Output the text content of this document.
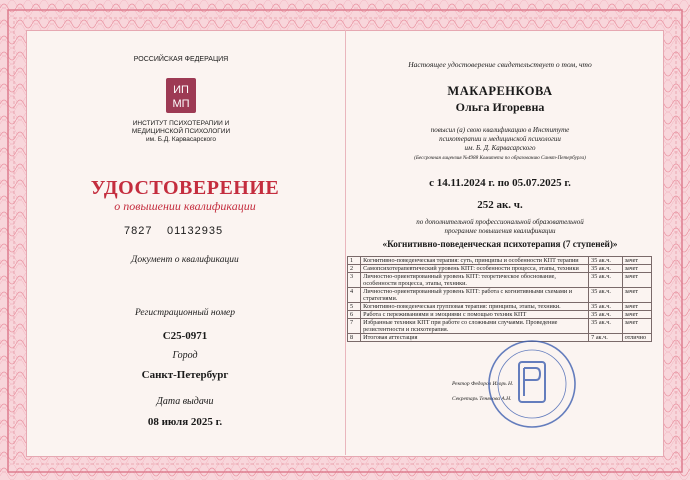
РОССИЙСКАЯ ФЕДЕРАЦИЯ
ИП
МП
ИНСТИТУТ ПСИХОТЕРАПИИ И
МЕДИЦИНСКОЙ ПСИХОЛОГИИ
им. Б.Д. Карвасарского
УДОСТОВЕРЕНИЕ
о повышении квалификации
7827 01132935
Документ о квалификации
Регистрационный номер
С25-0971
Город
Санкт-Петербург
Дата выдачи
08 июля 2025 г.
Настоящее удостоверение свидетельствует о том, что
МАКАРЕНКОВА
Ольга Игоревна
повысил (а) свою квалификацию в Институте
психотерапии и медицинской психологии
им. Б. Д. Карвасарского
(Бессрочная лицензия №4988 Комитета по образованию Санкт-Петербурга)
с 14.11.2024 г. по 05.07.2025 г.
252 ак. ч.
по дополнительной профессиональной образовательной
программе повышения квалификации
«Когнитивно-поведенческая психотерапия (7 ступеней)»
1	Когнитивно-поведенческая терапия: суть, принципы и особенности КПТ терапии	35 ак.ч.	зачет
2	Самопсихотерапевтический уровень КПТ: особенности процесса, этапы, техники	35 ак.ч.	зачет
3	Личностно-ориентированный уровень КПТ: теоретическое обоснование, особенности процесса, этапы, техники.	35 ак.ч.	зачет
4	Личностно-ориентированный уровень КПТ: работа с когнитивными схемами и стратегиями.	35 ак.ч.	зачет
5	Когнитивно-поведенческая групповая терапия: принципы, этапы, техники.	35 ак.ч.	зачет
6	Работа с переживаниями и эмоциями с помощью техник КПТ	35 ак.ч.	зачет
7	Избранные техники КПТ при работе со сложными случаями. Проведение резистентности и психотерапия.	35 ак.ч.	зачет
8	Итоговая аттестация	7 ак.ч.	отлично
Ректор Федоров Игорь Н.
Секретарь Тенякова А.Н.
